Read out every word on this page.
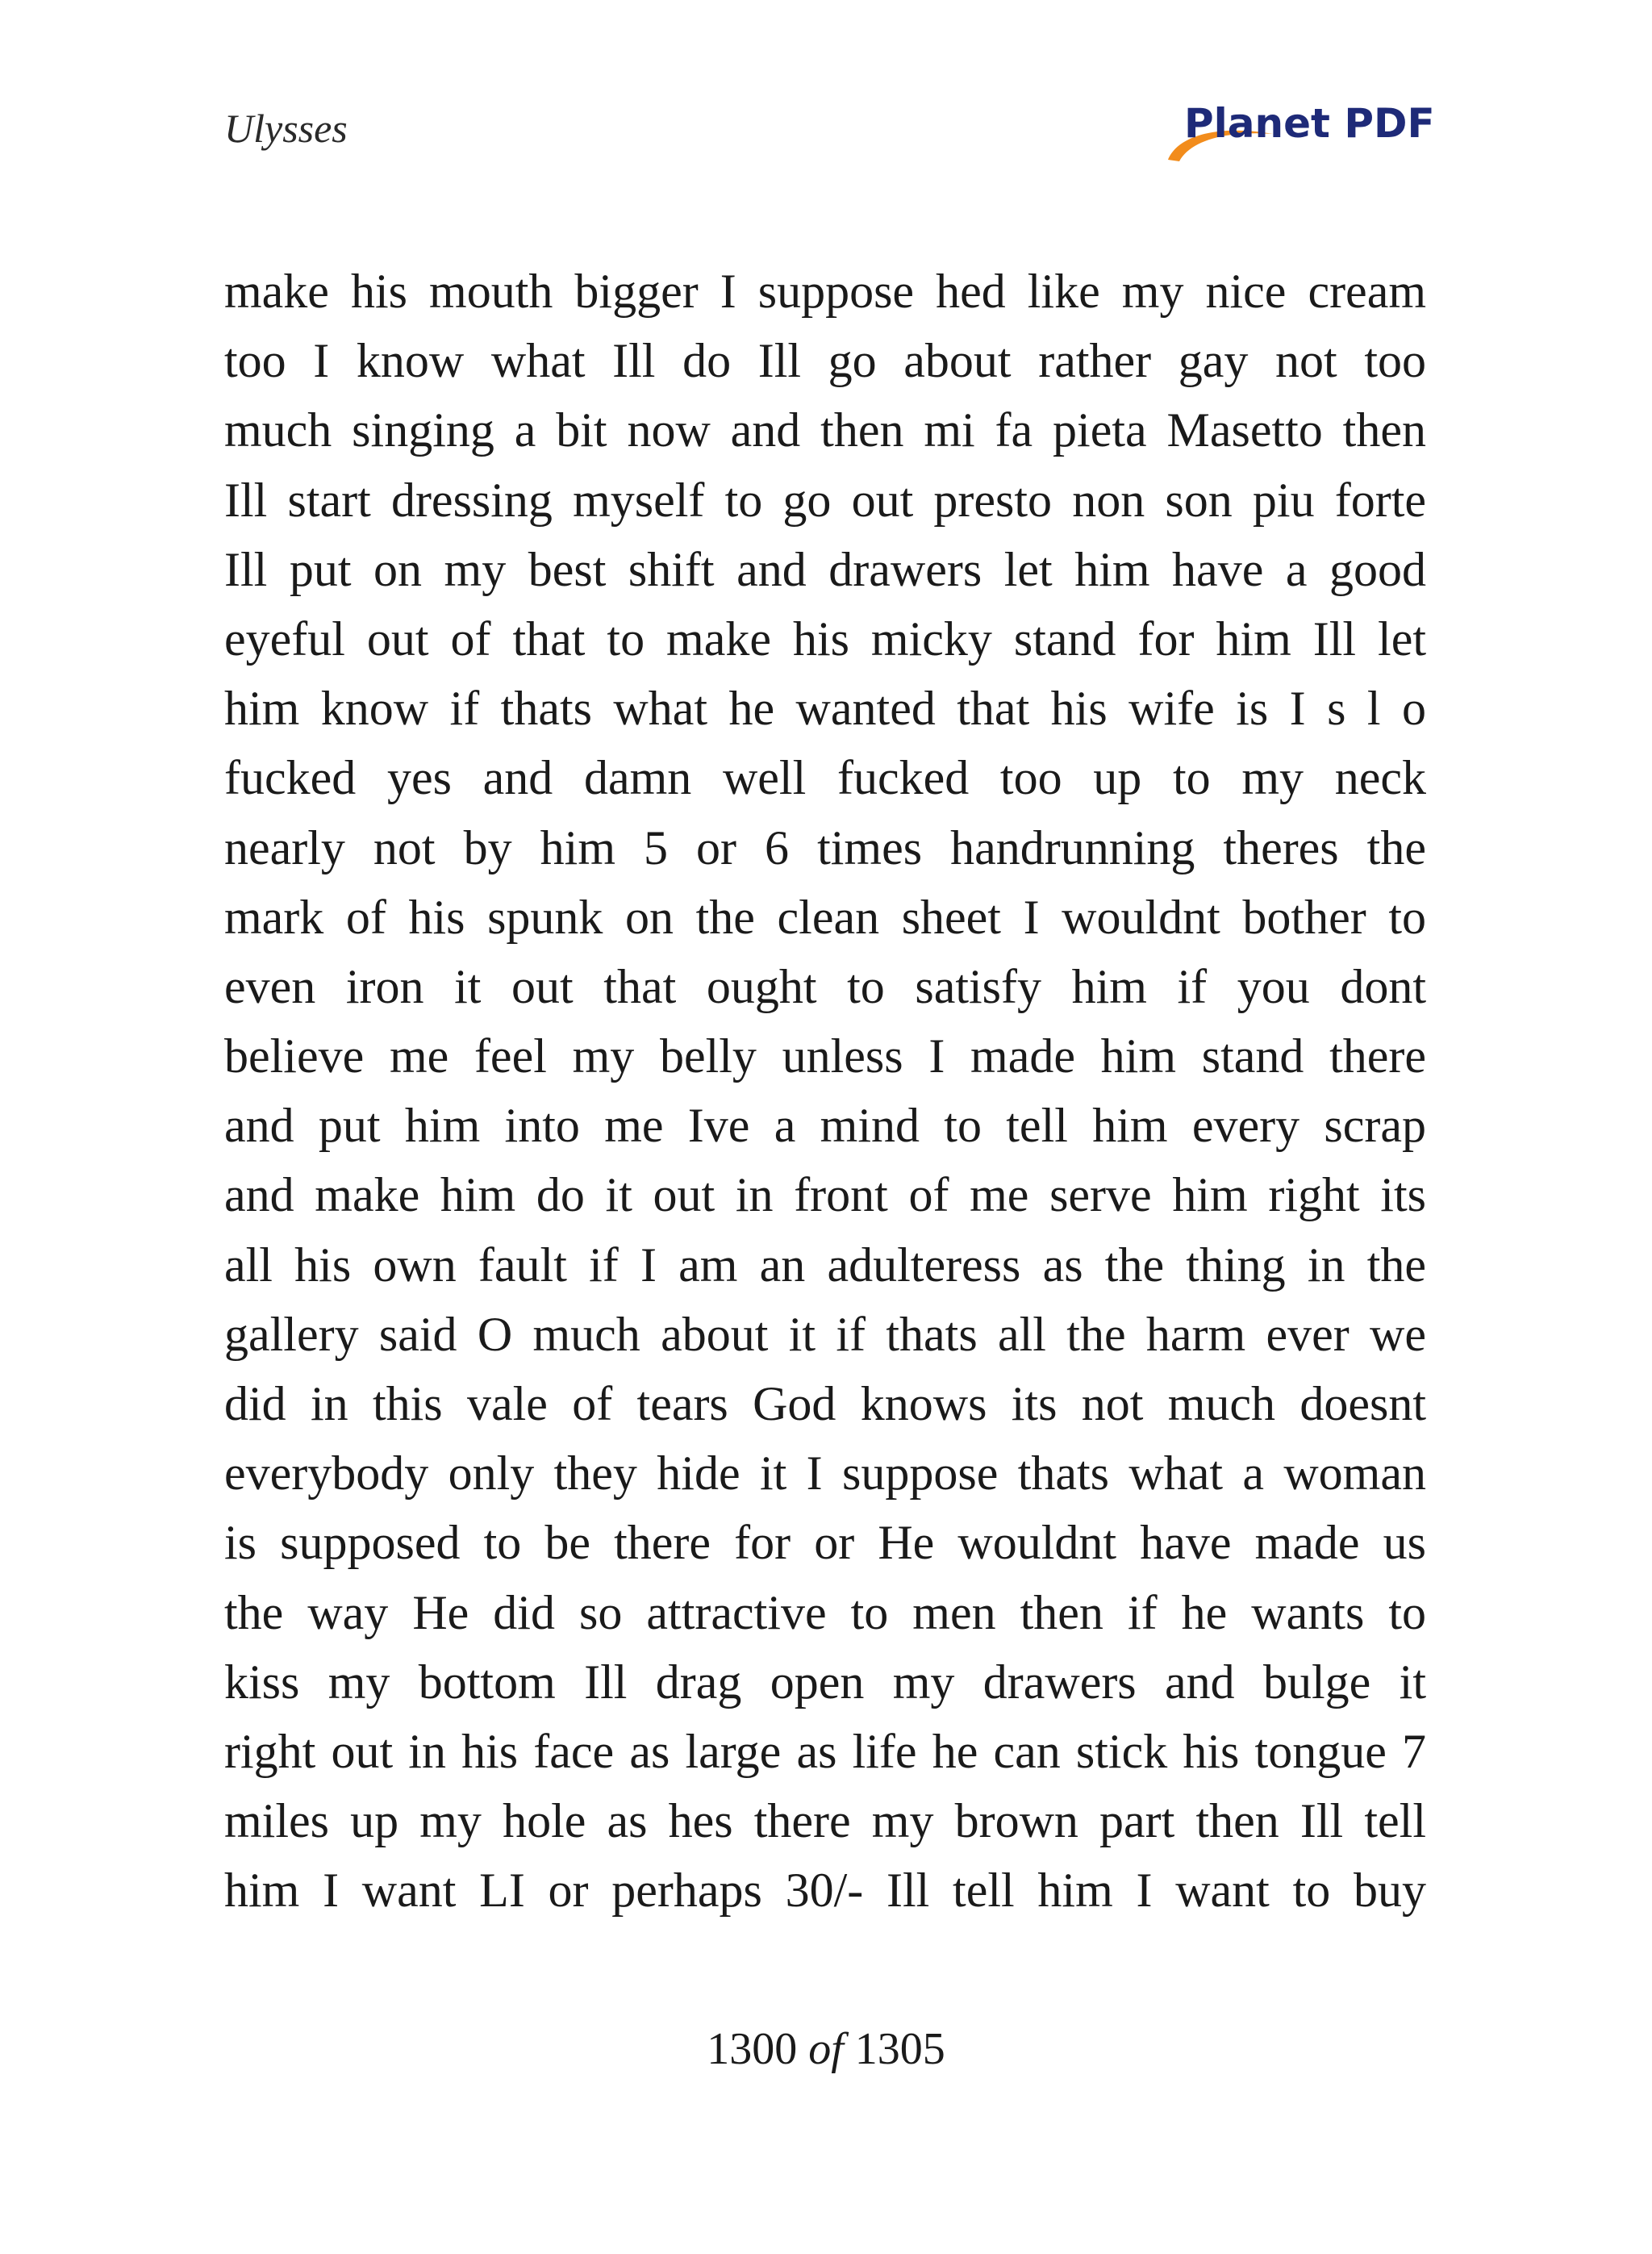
Ulysses	Planet PDF
make his mouth bigger I suppose hed like my nice cream
too I know what Ill do Ill go about rather gay not too
much singing a bit now and then mi fa pieta Masetto then
Ill start dressing myself to go out presto non son piu forte
Ill put on my best shift and drawers let him have a good
eyeful out of that to make his micky stand for him Ill let
him know if thats what he wanted that his wife is I s l o
fucked yes and damn well fucked too up to my neck
nearly not by him 5 or 6 times handrunning theres the
mark of his spunk on the clean sheet I wouldnt bother to
even iron it out that ought to satisfy him if you dont
believe me feel my belly unless I made him stand there
and put him into me Ive a mind to tell him every scrap
and make him do it out in front of me serve him right its
all his own fault if I am an adulteress as the thing in the
gallery said O much about it if thats all the harm ever we
did in this vale of tears God knows its not much doesnt
everybody only they hide it I suppose thats what a woman
is supposed to be there for or He wouldnt have made us
the way He did so attractive to men then if he wants to
kiss my bottom Ill drag open my drawers and bulge it
right out in his face as large as life he can stick his tongue 7
miles up my hole as hes there my brown part then Ill tell
him I want LI or perhaps 30/- Ill tell him I want to buy
1300 of 1305
